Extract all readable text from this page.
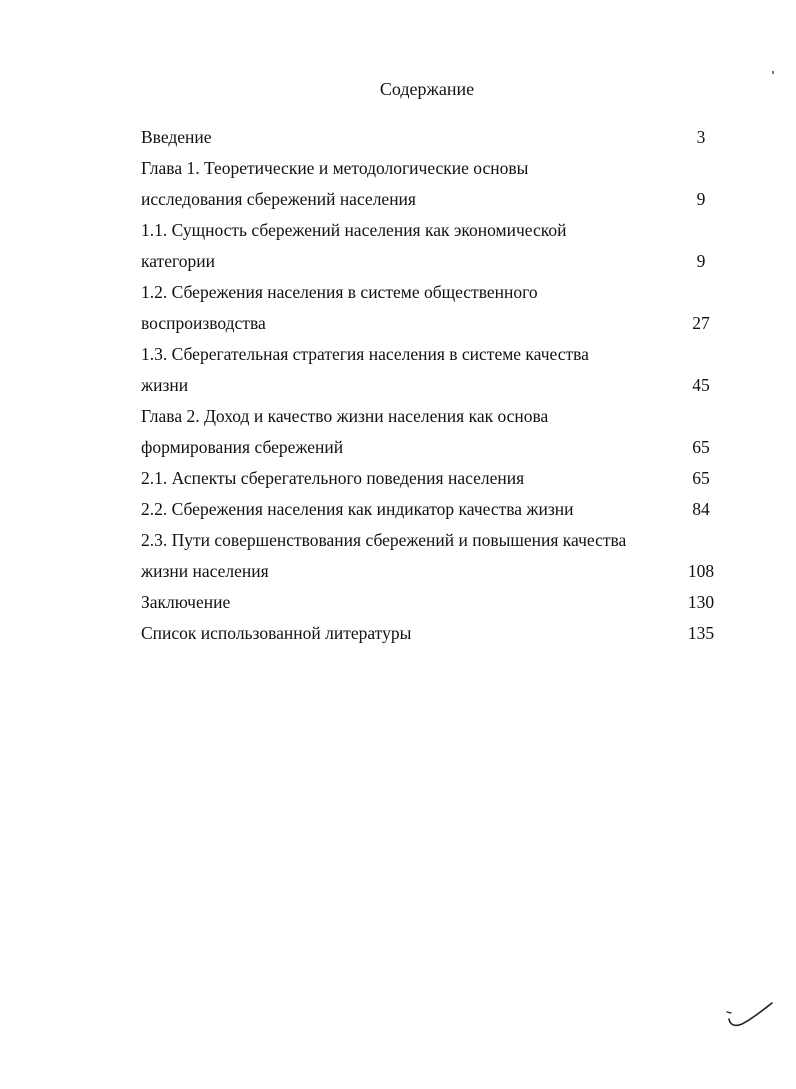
Содержание
Введение	3
Глава 1. Теоретические и методологические основы
исследования сбережений населения	9
1.1. Сущность сбережений населения как экономической
категории	9
1.2. Сбережения населения в системе общественного
воспроизводства	27
1.3. Сберегательная стратегия населения в системе качества
жизни	45
Глава 2. Доход и качество жизни населения как основа
формирования сбережений	65
2.1. Аспекты сберегательного поведения населения	65
2.2. Сбережения населения как индикатор качества жизни	84
2.3. Пути совершенствования сбережений и повышения качества
жизни населения	108
Заключение	130
Список использованной литературы	135
